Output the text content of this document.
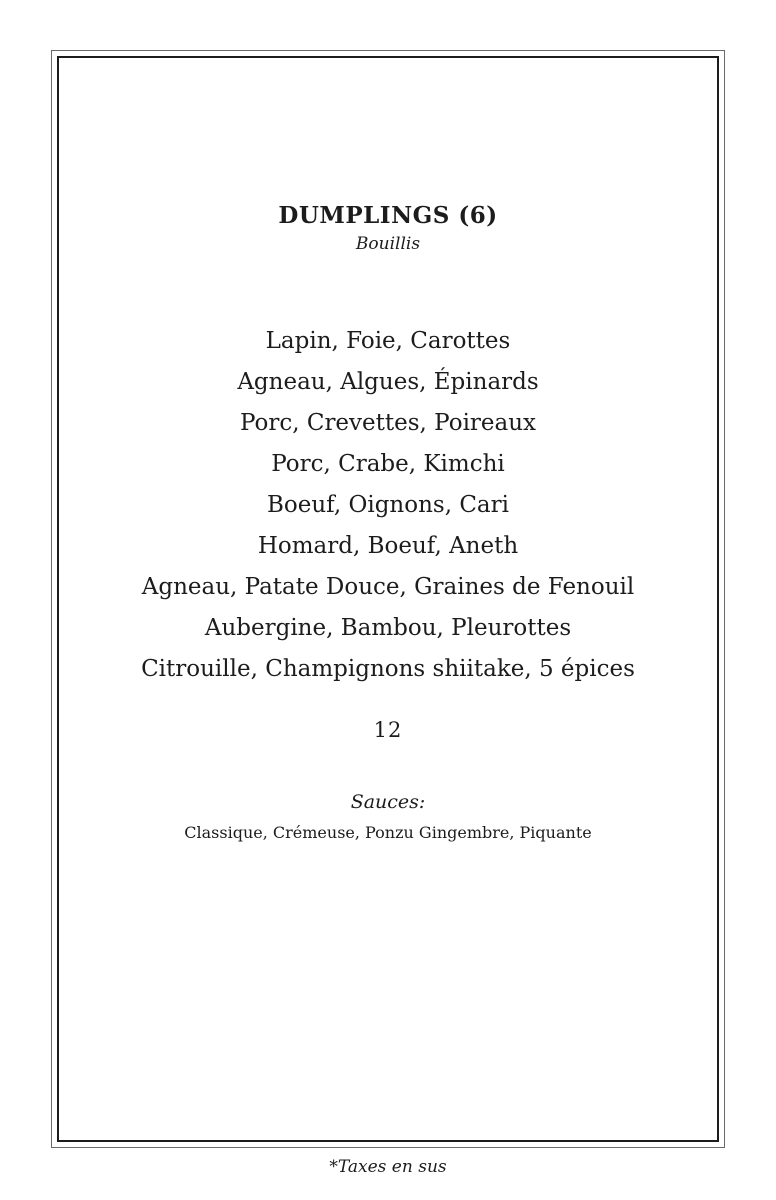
DUMPLINGS (6)
Bouillis
Lapin, Foie, Carottes
Agneau, Algues, Épinards
Porc, Crevettes, Poireaux
Porc, Crabe, Kimchi
Boeuf, Oignons, Cari
Homard, Boeuf, Aneth
Agneau, Patate Douce, Graines de Fenouil
Aubergine, Bambou, Pleurottes
Citrouille, Champignons shiitake, 5 épices
12
Sauces:
Classique, Crémeuse, Ponzu Gingembre, Piquante
*Taxes en sus
